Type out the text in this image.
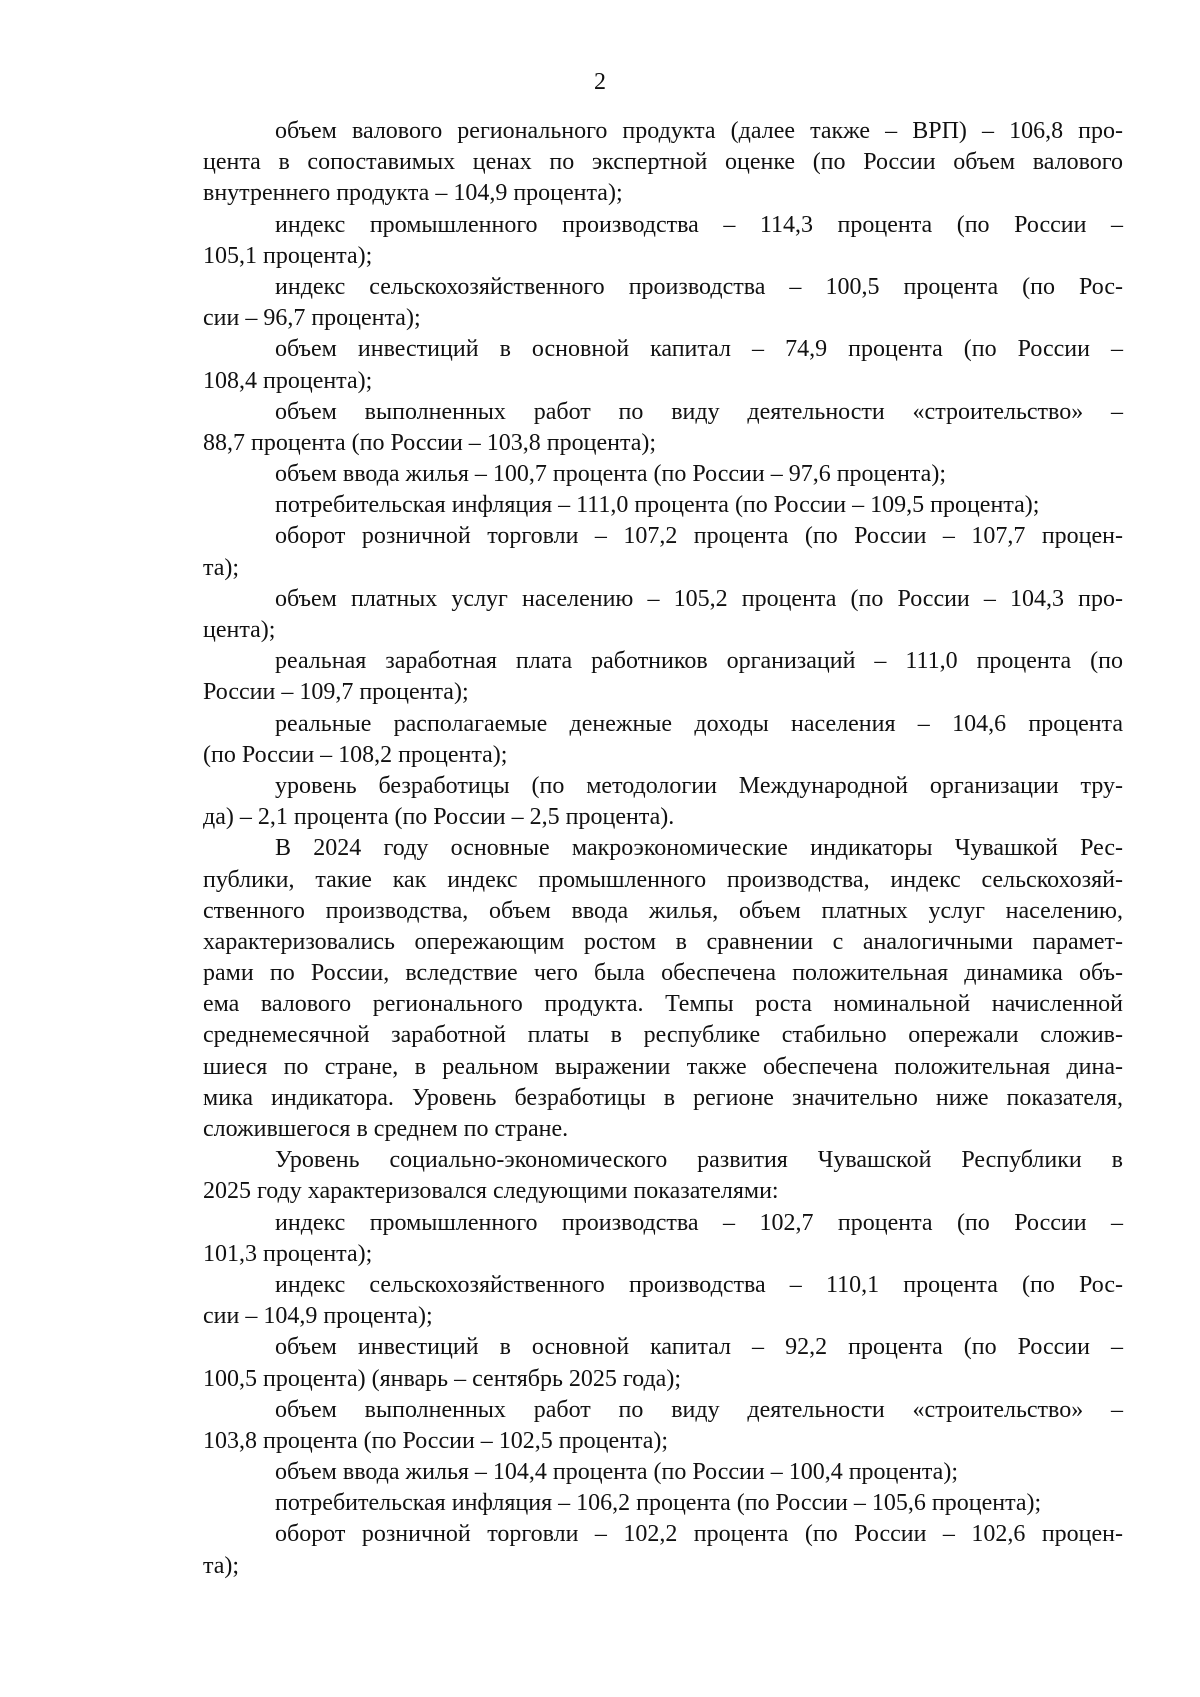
2
объем валового регионального продукта (далее также – ВРП) – 106,8 про-
цента в сопоставимых ценах по экспертной оценке (по России объем валового
внутреннего продукта – 104,9 процента);
индекс промышленного производства – 114,3 процента (по России –
105,1 процента);
индекс сельскохозяйственного производства – 100,5 процента (по Рос-
сии – 96,7 процента);
объем инвестиций в основной капитал – 74,9 процента (по России –
108,4 процента);
объем выполненных работ по виду деятельности «строительство» –
88,7 процента (по России – 103,8 процента);
объем ввода жилья – 100,7 процента (по России – 97,6 процента);
потребительская инфляция – 111,0 процента (по России – 109,5 процента);
оборот розничной торговли – 107,2 процента (по России – 107,7 процен-
та);
объем платных услуг населению – 105,2 процента (по России – 104,3 про-
цента);
реальная заработная плата работников организаций – 111,0 процента (по
России – 109,7 процента);
реальные располагаемые денежные доходы населения – 104,6 процента
(по России – 108,2 процента);
уровень безработицы (по методологии Международной организации тру-
да) – 2,1 процента (по России – 2,5 процента).
В 2024 году основные макроэкономические индикаторы Чувашкой Рес-
публики, такие как индекс промышленного производства, индекс сельскохозяй-
ственного производства, объем ввода жилья, объем платных услуг населению,
характеризовались опережающим ростом в сравнении с аналогичными парамет-
рами по России, вследствие чего была обеспечена положительная динамика объ-
ема валового регионального продукта. Темпы роста номинальной начисленной
среднемесячной заработной платы в республике стабильно опережали сложив-
шиеся по стране, в реальном выражении также обеспечена положительная дина-
мика индикатора. Уровень безработицы в регионе значительно ниже показателя,
сложившегося в среднем по стране.
Уровень социально-экономического развития Чувашской Республики в
2025 году характеризовался следующими показателями:
индекс промышленного производства – 102,7 процента (по России –
101,3 процента);
индекс сельскохозяйственного производства – 110,1 процента (по Рос-
сии – 104,9 процента);
объем инвестиций в основной капитал – 92,2 процента (по России –
100,5 процента) (январь – сентябрь 2025 года);
объем выполненных работ по виду деятельности «строительство» –
103,8 процента (по России – 102,5 процента);
объем ввода жилья – 104,4 процента (по России – 100,4 процента);
потребительская инфляция – 106,2 процента (по России – 105,6 процента);
оборот розничной торговли – 102,2 процента (по России – 102,6 процен-
та);
